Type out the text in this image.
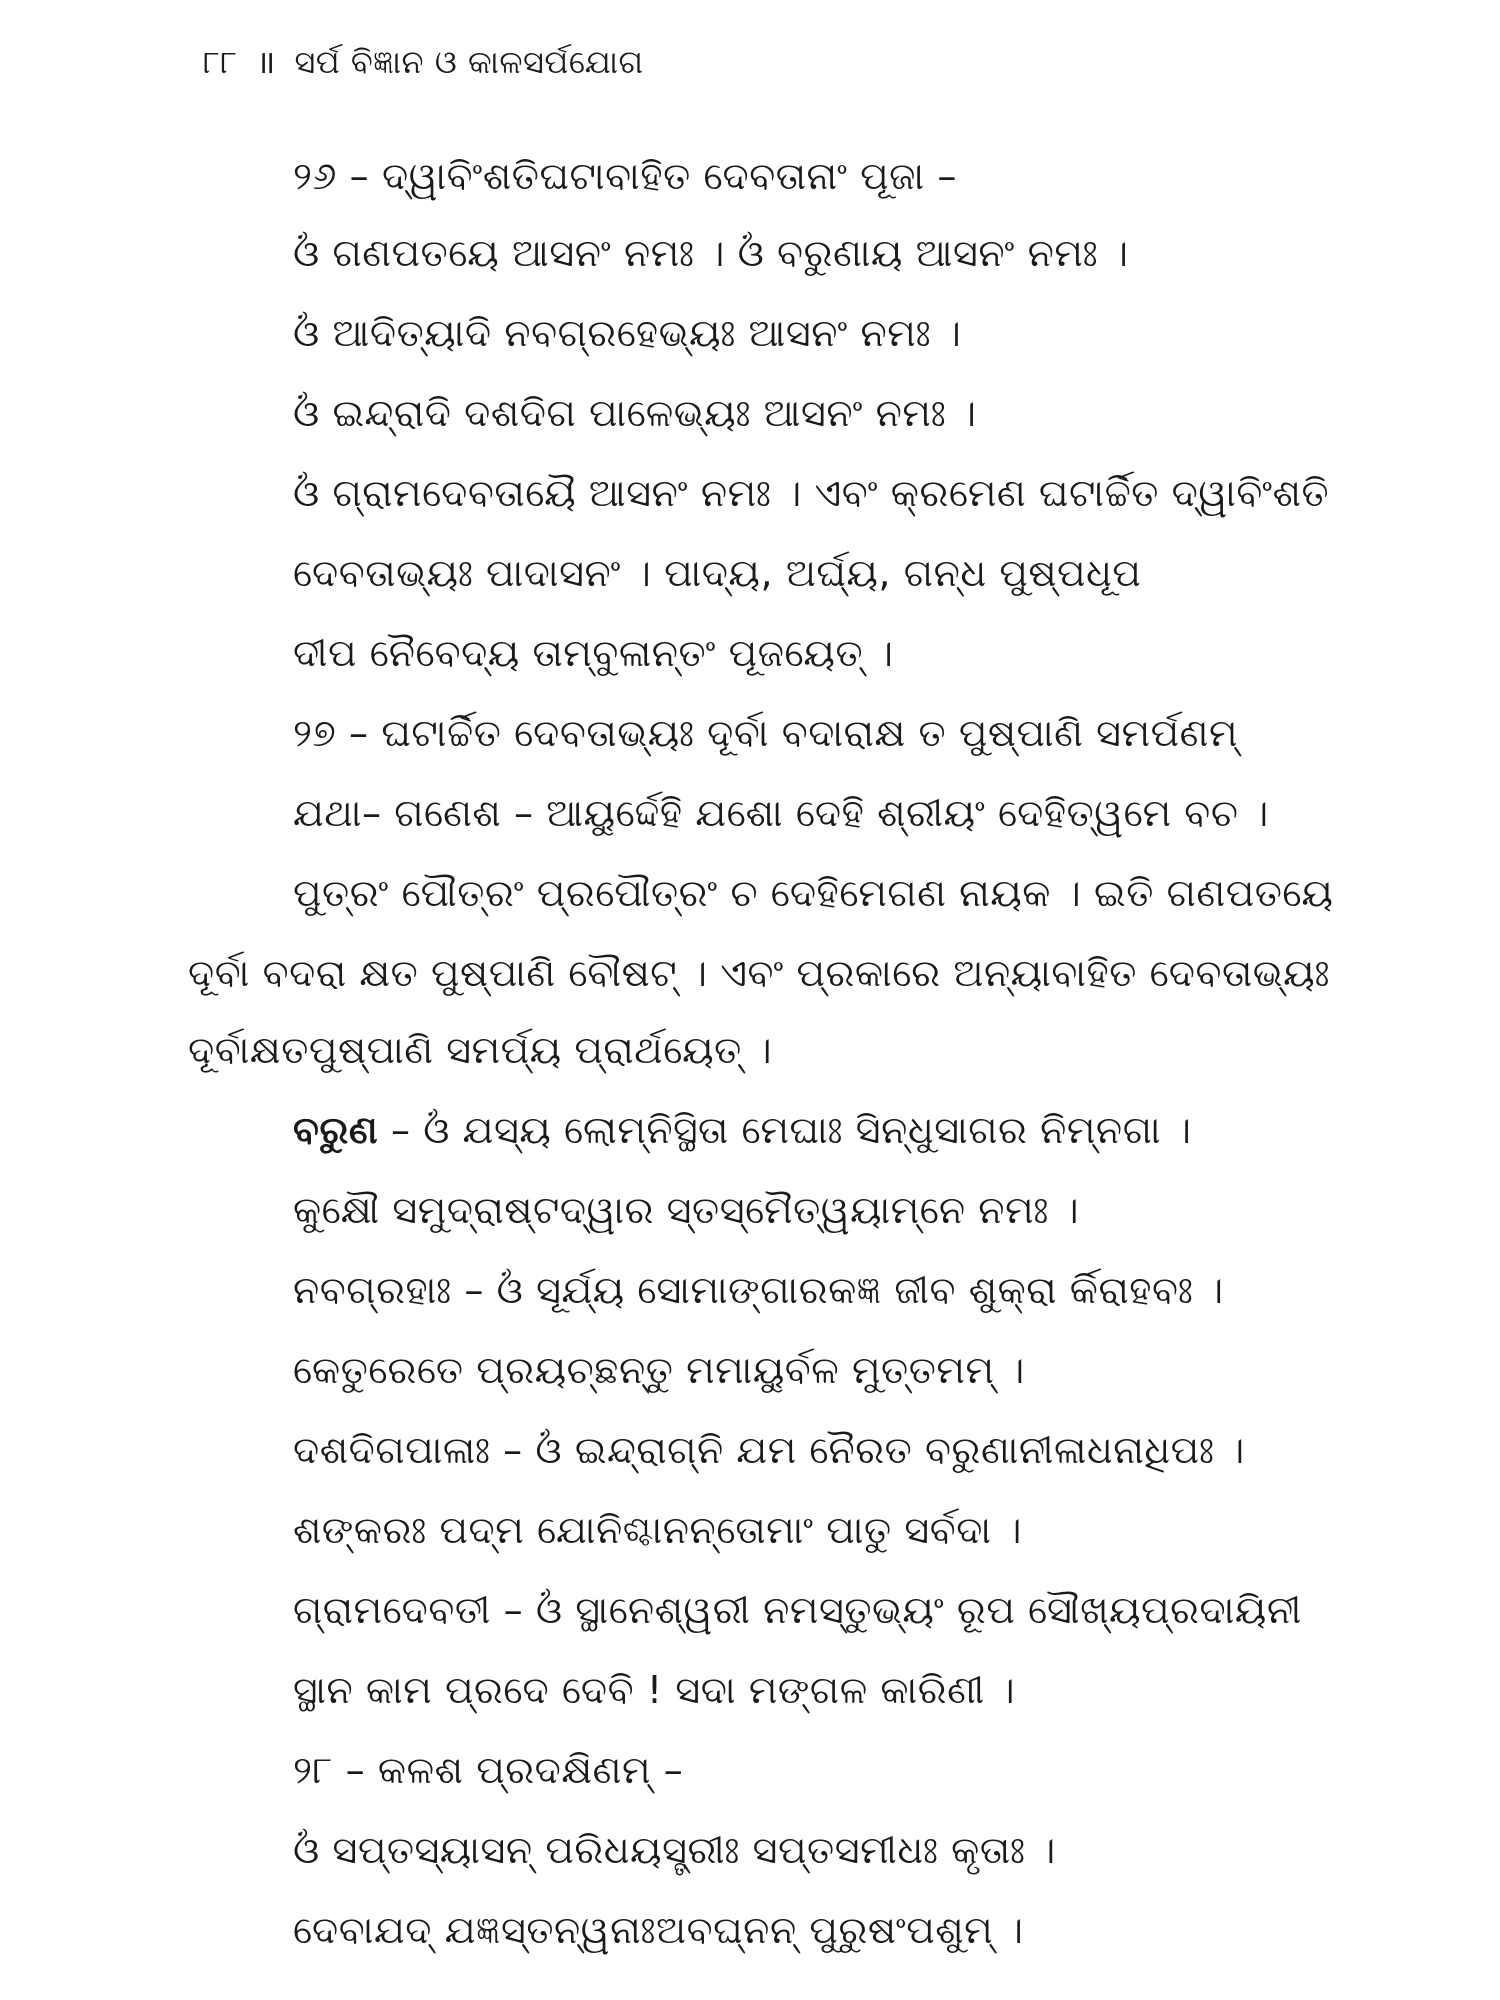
୮୮ ॥ ସର୍ପ ବିଜ୍ଞାନ ଓ କାଳସର୍ପଯୋଗ
୨୬ – ଦ୍ୱାବିଂଶତିଘଟାବାହିତ ଦେବତାନାଂ ପୂଜା –
ଓଁ ଗଣପତୟେ ଆସନଂ ନମଃ । ଓଁ ବରୁଣାୟ ଆସନଂ ନମଃ ।
ଓଁ ଆଦିତ୍ୟାଦି ନବଗ୍ରହେଭ୍ୟଃ ଆସନଂ ନମଃ ।
ଓଁ ଇନ୍ଦ୍ରାଦି ଦଶଦିଗ ପାଳେଭ୍ୟଃ ଆସନଂ ନମଃ ।
ଓଁ ଗ୍ରାମଦେବତାୟୈ ଆସନଂ ନମଃ । ଏବଂ କ୍ରମେଣ ଘଟାର୍ଚ୍ଚିତ ଦ୍ୱାବିଂଶତି
ଦେବତାଭ୍ୟଃ ପାଦାସନଂ । ପାଦ୍ୟ, ଅର୍ଘ୍ୟ, ଗନ୍ଧ ପୁଷ୍ପଧୂପ
ଦୀପ ନୈବେଦ୍ୟ ତାମ୍ବୁଳାନ୍ତଂ ପୂଜୟେତ୍ ।
୨୭ – ଘଟାର୍ଚ୍ଚିତ ଦେବତାଭ୍ୟଃ ଦୂର୍ବା ବଦାରାକ୍ଷ ତ ପୁଷ୍ପାଣି ସମର୍ପଣମ୍
ଯଥା– ଗଣେଶ – ଆୟୁର୍ଦ୍ଦେହି ଯଶୋ ଦେହି ଶ୍ରୀୟଂ ଦେହିତ୍ୱମେ ବଚ ।
ପୁତ୍ରଂ ପୌତ୍ରଂ ପ୍ରପୌତ୍ରଂ ଚ ଦେହିମେଗଣ ନାୟକ । ଇତି ଗଣପତୟେ
ଦୂର୍ବା ବଦରା କ୍ଷତ ପୁଷ୍ପାଣି ବୌଷଟ୍ । ଏବଂ ପ୍ରକାରେ ଅନ୍ୟାବାହିତ ଦେବତାଭ୍ୟଃ
ଦୂର୍ବାକ୍ଷତପୁଷ୍ପାଣି ସମର୍ପ୍ୟ ପ୍ରାର୍ଥୟେତ୍ ।
ବରୁଣ – ଓଁ ଯସ୍ୟ ଲୋମ୍ନିସ୍ଥିତା ମେଘାଃ ସିନ୍ଧୁସାଗର ନିମ୍ନଗା ।
କୁକ୍ଷୌ ସମୁଦ୍ରାଷ୍ଟଦ୍ୱାର ସ୍ତସ୍ମୈତ୍ୱୟାମ୍ନେ ନମଃ ।
ନବଗ୍ରହାଃ – ଓଁ ସୂର୍ଯ୍ୟ ସୋମାଙ୍ଗାରକଜ୍ଞ ଜୀବ ଶୁକ୍ରା ର୍କିରାହବଃ ।
କେତୁରେତେ ପ୍ରୟଚ୍ଛନ୍ତୁ ମମାୟୁର୍ବଳ ମୁତ୍ତମମ୍ ।
ଦଶଦିଗପାଳାଃ – ଓଁ ଇନ୍ଦ୍ରାଗ୍ନି ଯମ ନୈରତ ବରୁଣାନୀଳାଧନାଧିପଃ ।
ଶଙ୍କରଃ ପଦ୍ମ ଯୋନିଶ୍ଚାନନ୍ତୋମାଂ ପାତୁ ସର୍ବଦା ।
ଗ୍ରାମଦେବତୀ – ଓଁ ସ୍ଥାନେଶ୍ୱରୀ ନମସ୍ତୁଭ୍ୟଂ ରୂପ ସୌଖ୍ୟପ୍ରଦାୟିନୀ
ସ୍ଥାନ କାମ ପ୍ରଦେ ଦେବି ! ସଦା ମଙ୍ଗଳ କାରିଣୀ ।
୨୮ – କଳଶ ପ୍ରଦକ୍ଷିଣମ୍ –
ଓଁ ସପ୍ତସ୍ୟାସନ୍ ପରିଧୟସ୍ତ୍ରୀଃ ସପ୍ତସମୀଧଃ କୃତାଃ ।
ଦେବାଯଦ୍ ଯଜ୍ଞସ୍ତନ୍ୱନାଃଅବଘ୍ନନ୍ ପୁରୁଷଂପଶୁମ୍ ।
